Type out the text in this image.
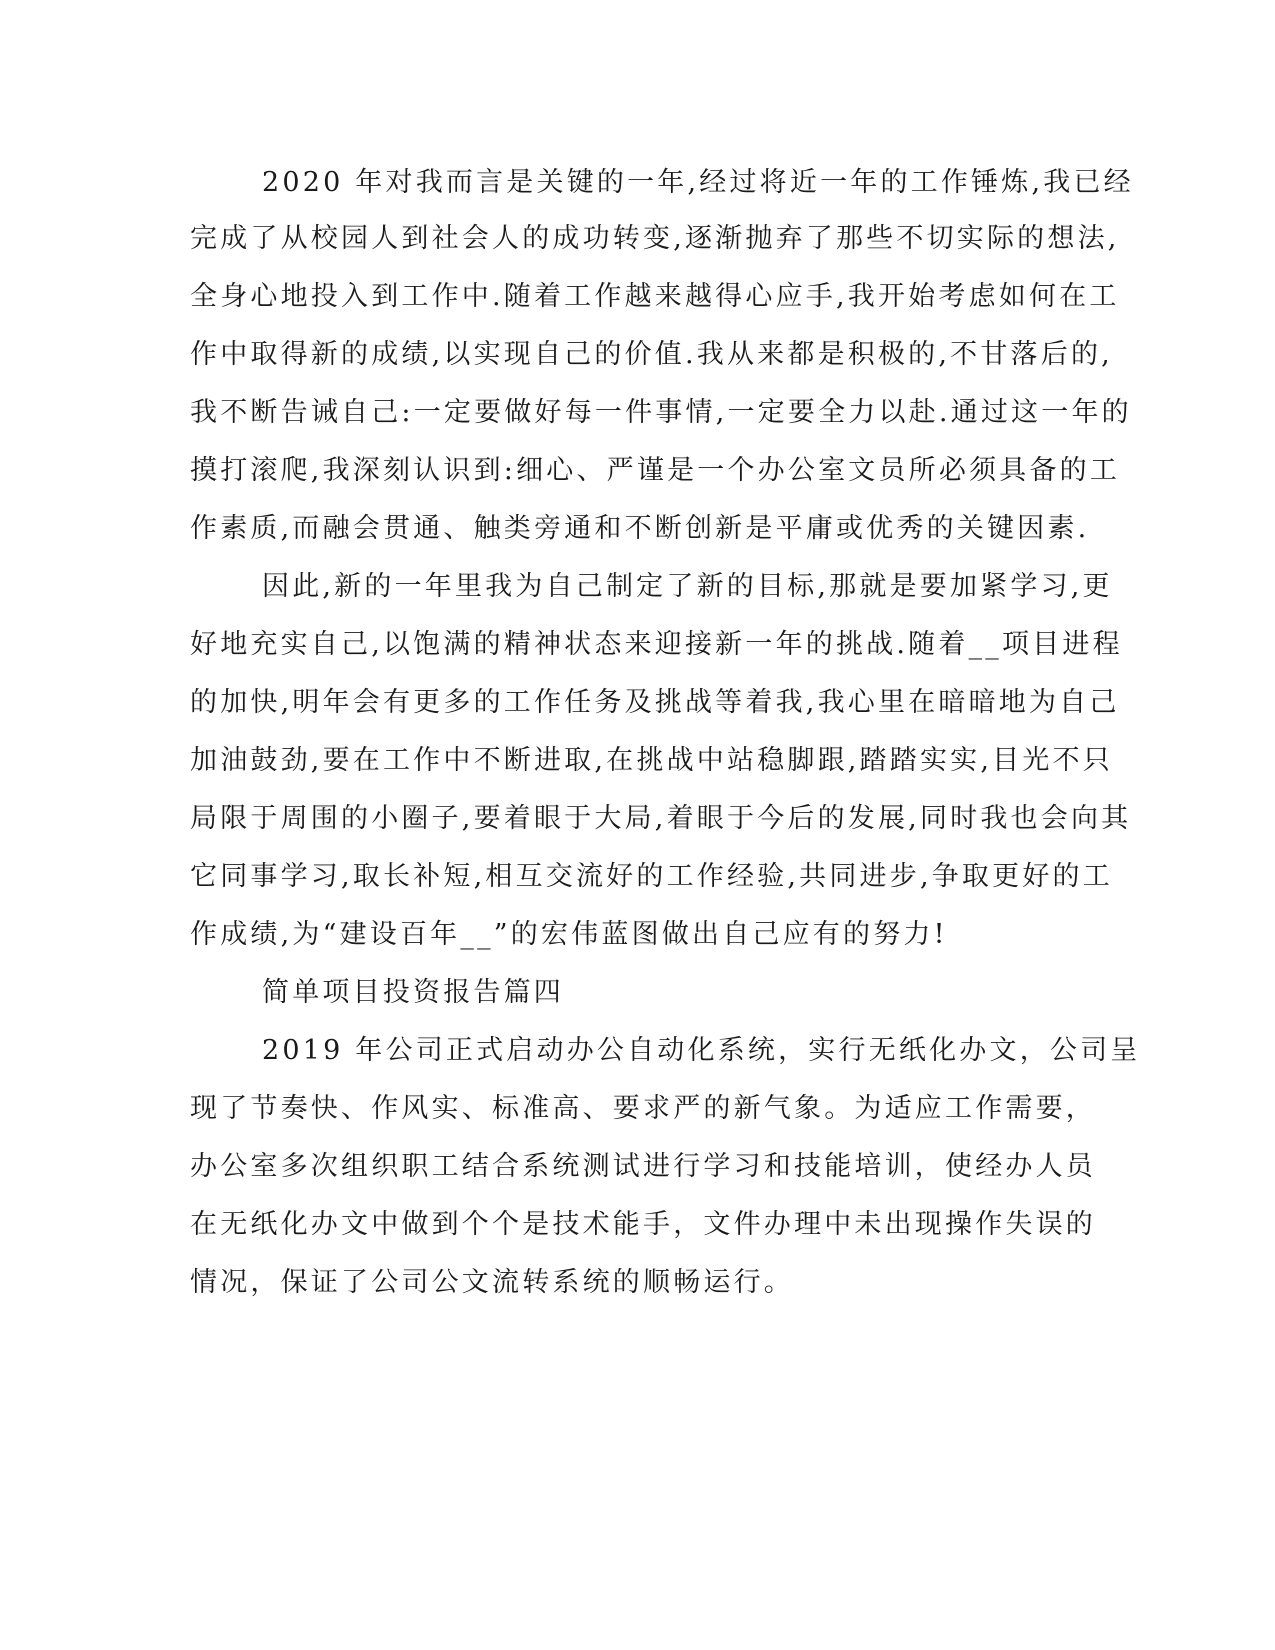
2020 年对我而言是关键的一年,经过将近一年的工作锤炼,我已经
完成了从校园人到社会人的成功转变,逐渐抛弃了那些不切实际的想法,
全身心地投入到工作中.随着工作越来越得心应手,我开始考虑如何在工
作中取得新的成绩,以实现自己的价值.我从来都是积极的,不甘落后的,
我不断告诫自己:一定要做好每一件事情,一定要全力以赴.通过这一年的
摸打滚爬,我深刻认识到:细心、严谨是一个办公室文员所必须具备的工
作素质,而融会贯通、触类旁通和不断创新是平庸或优秀的关键因素.
因此,新的一年里我为自己制定了新的目标,那就是要加紧学习,更
好地充实自己,以饱满的精神状态来迎接新一年的挑战.随着__项目进程
的加快,明年会有更多的工作任务及挑战等着我,我心里在暗暗地为自己
加油鼓劲,要在工作中不断进取,在挑战中站稳脚跟,踏踏实实,目光不只
局限于周围的小圈子,要着眼于大局,着眼于今后的发展,同时我也会向其
它同事学习,取长补短,相互交流好的工作经验,共同进步,争取更好的工
作成绩,为“建设百年__”的宏伟蓝图做出自己应有的努力!
简单项目投资报告篇四
2019 年公司正式启动办公自动化系统，实行无纸化办文，公司呈
现了节奏快、作风实、标准高、要求严的新气象。为适应工作需要，
办公室多次组织职工结合系统测试进行学习和技能培训，使经办人员
在无纸化办文中做到个个是技术能手，文件办理中未出现操作失误的
情况，保证了公司公文流转系统的顺畅运行。
